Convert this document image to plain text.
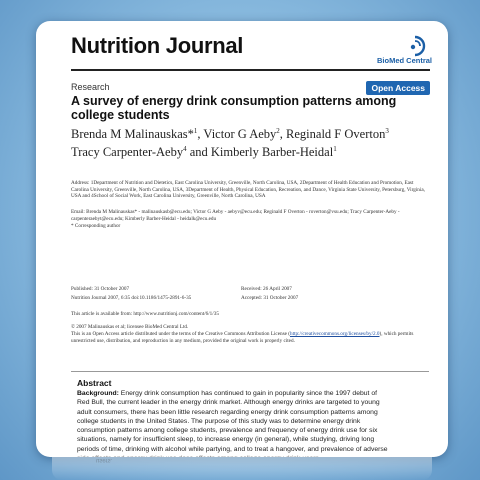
Nutrition Journal
BioMed Central
Research	Open Access
A survey of energy drink consumption patterns among college students
Brenda M Malinauskas*$^1$, Victor G Aeby$^2$, Reginald F Overton$^3$
Tracy Carpenter-Aeby$^4$ and Kimberly Barber-Heidal$^1$
Address: 1Department of Nutrition and Dietetics, East Carolina University, Greenville, North Carolina, USA, 2Department of Health Education and Promotion, East Carolina University, Greenville, North Carolina, USA, 3Department of Health, Physical Education, Recreation, and Dance, Virginia State University, Petersburg, Virginia, USA and 4School of Social Work, East Carolina University, Greenville, North Carolina, USA
Email: Brenda M Malinauskas* - malinauskasb@ecu.edu; Victor G Aeby - aebyv@ecu.edu; Reginald F Overton - roverton@vsu.edu; Tracy Carpenter-Aeby - carpenteraebyt@ecu.edu; Kimberly Barber-Heidal - heidalk@ecu.edu
* Corresponding author
Published: 31 October 2007
Nutrition Journal 2007, 6:35 doi:10.1186/1475-2891-6-35
Received: 26 April 2007
Accepted: 31 October 2007
This article is available from: http://www.nutritionj.com/content/6/1/35
© 2007 Malinauskas et al; licensee BioMed Central Ltd.
This is an Open Access article distributed under the terms of the Creative Commons Attribution License (http://creativecommons.org/licenses/by/2.0), which permits unrestricted use, distribution, and reproduction in any medium, provided the original work is properly cited.
Abstract
Background: Energy drink consumption has continued to gain in popularity since the 1997 debut of Red Bull, the current leader in the energy drink market. Although energy drinks are targeted to young adult consumers, there has been little research regarding energy drink consumption patterns among college students in the United States. The purpose of this study was to determine energy drink consumption patterns among college students, prevalence and frequency of energy drink use for six situations, namely for insufficient sleep, to increase energy (in general), while studying, driving long periods of time, drinking with alcohol while partying, and to treat a hangover, and prevalence of adverse
users.
